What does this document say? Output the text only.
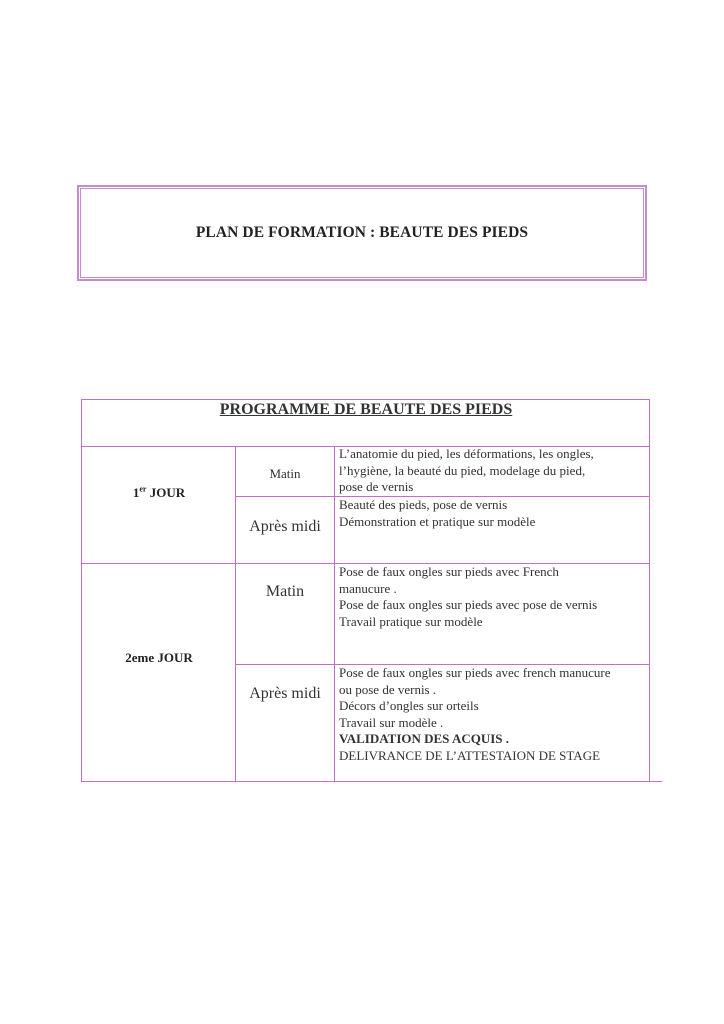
PLAN DE FORMATION : BEAUTE DES PIEDS
PROGRAMME DE BEAUTE DES PIEDS
1er JOUR
Matin
L’anatomie du pied, les déformations, les ongles,
l’hygiène, la beauté du pied, modelage du pied,
pose de vernis
Après midi
Beauté des pieds, pose de vernis
Démonstration et pratique sur modèle
2eme JOUR
Matin
Pose de faux ongles sur pieds avec French
manucure .
Pose de faux ongles sur pieds avec pose de vernis
Travail pratique sur modèle
Après midi
Pose de faux ongles sur pieds avec french manucure
ou pose de vernis .
Décors d’ongles sur orteils
Travail sur modèle .
VALIDATION DES ACQUIS .
DELIVRANCE DE L’ATTESTAION DE STAGE
